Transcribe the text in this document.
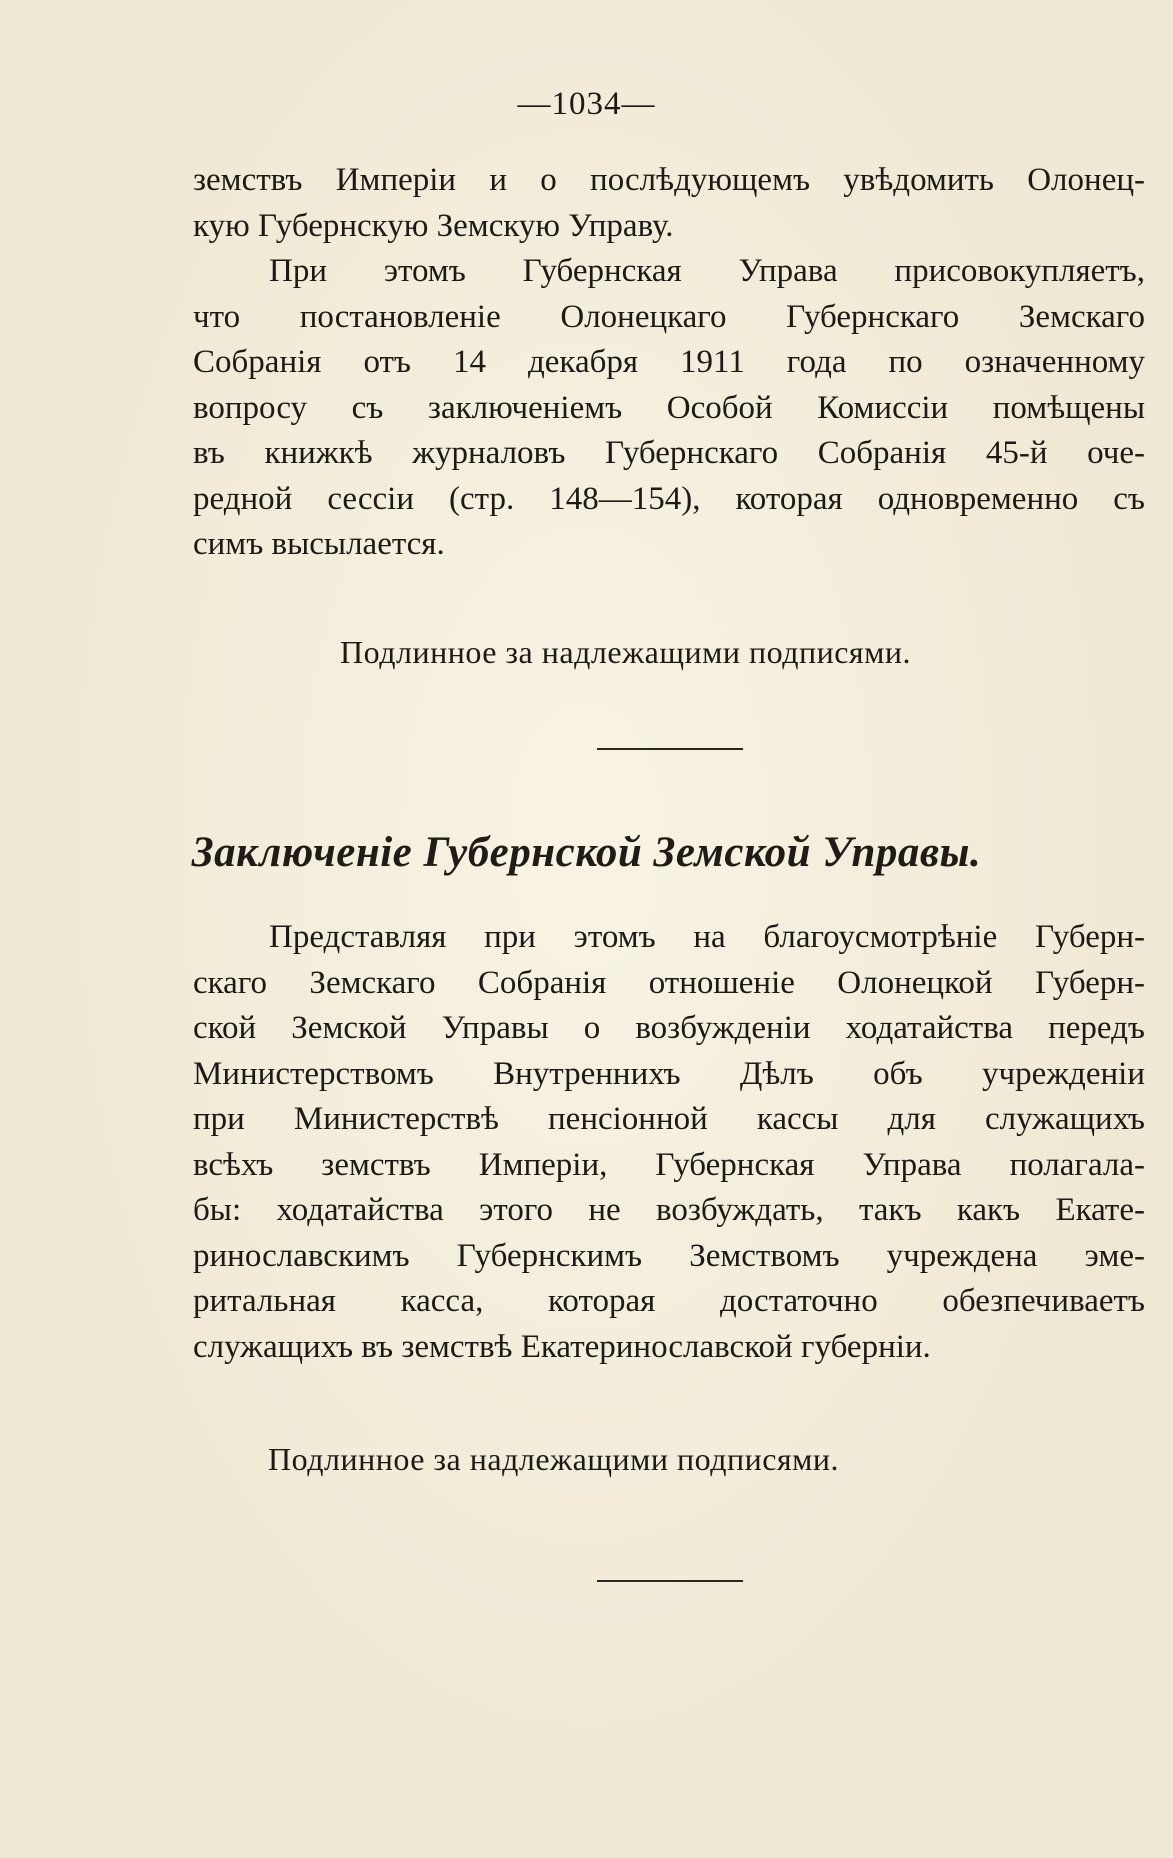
—1034—
земствъ Имперіи и о послѣдующемъ увѣдомить Олонец-
кую Губернскую Земскую Управу.
При этомъ Губернская Управа присовокупляетъ,
что постановленіе Олонецкаго Губернскаго Земскаго
Собранія отъ 14 декабря 1911 года по означенному
вопросу съ заключеніемъ Особой Комиссіи помѣщены
въ книжкѣ журналовъ Губернскаго Собранія 45-й оче-
редной сессіи (стр. 148—154), которая одновременно съ
симъ высылается.
Подлинное за надлежащими подписями.
Заключеніе Губернской Земской Управы.
Представляя при этомъ на благоусмотрѣніе Губерн-
скаго Земскаго Собранія отношеніе Олонецкой Губерн-
ской Земской Управы о возбужденіи ходатайства передъ
Министерствомъ Внутреннихъ Дѣлъ объ учрежденіи
при Министерствѣ пенсіонной кассы для служащихъ
всѣхъ земствъ Имперіи, Губернская Управа полагала-
бы: ходатайства этого не возбуждать, такъ какъ Екате-
ринославскимъ Губернскимъ Земствомъ учреждена эме-
ритальная касса, которая достаточно обезпечиваетъ
служащихъ въ земствѣ Екатеринославской губерніи.
Подлинное за надлежащими подписями.
